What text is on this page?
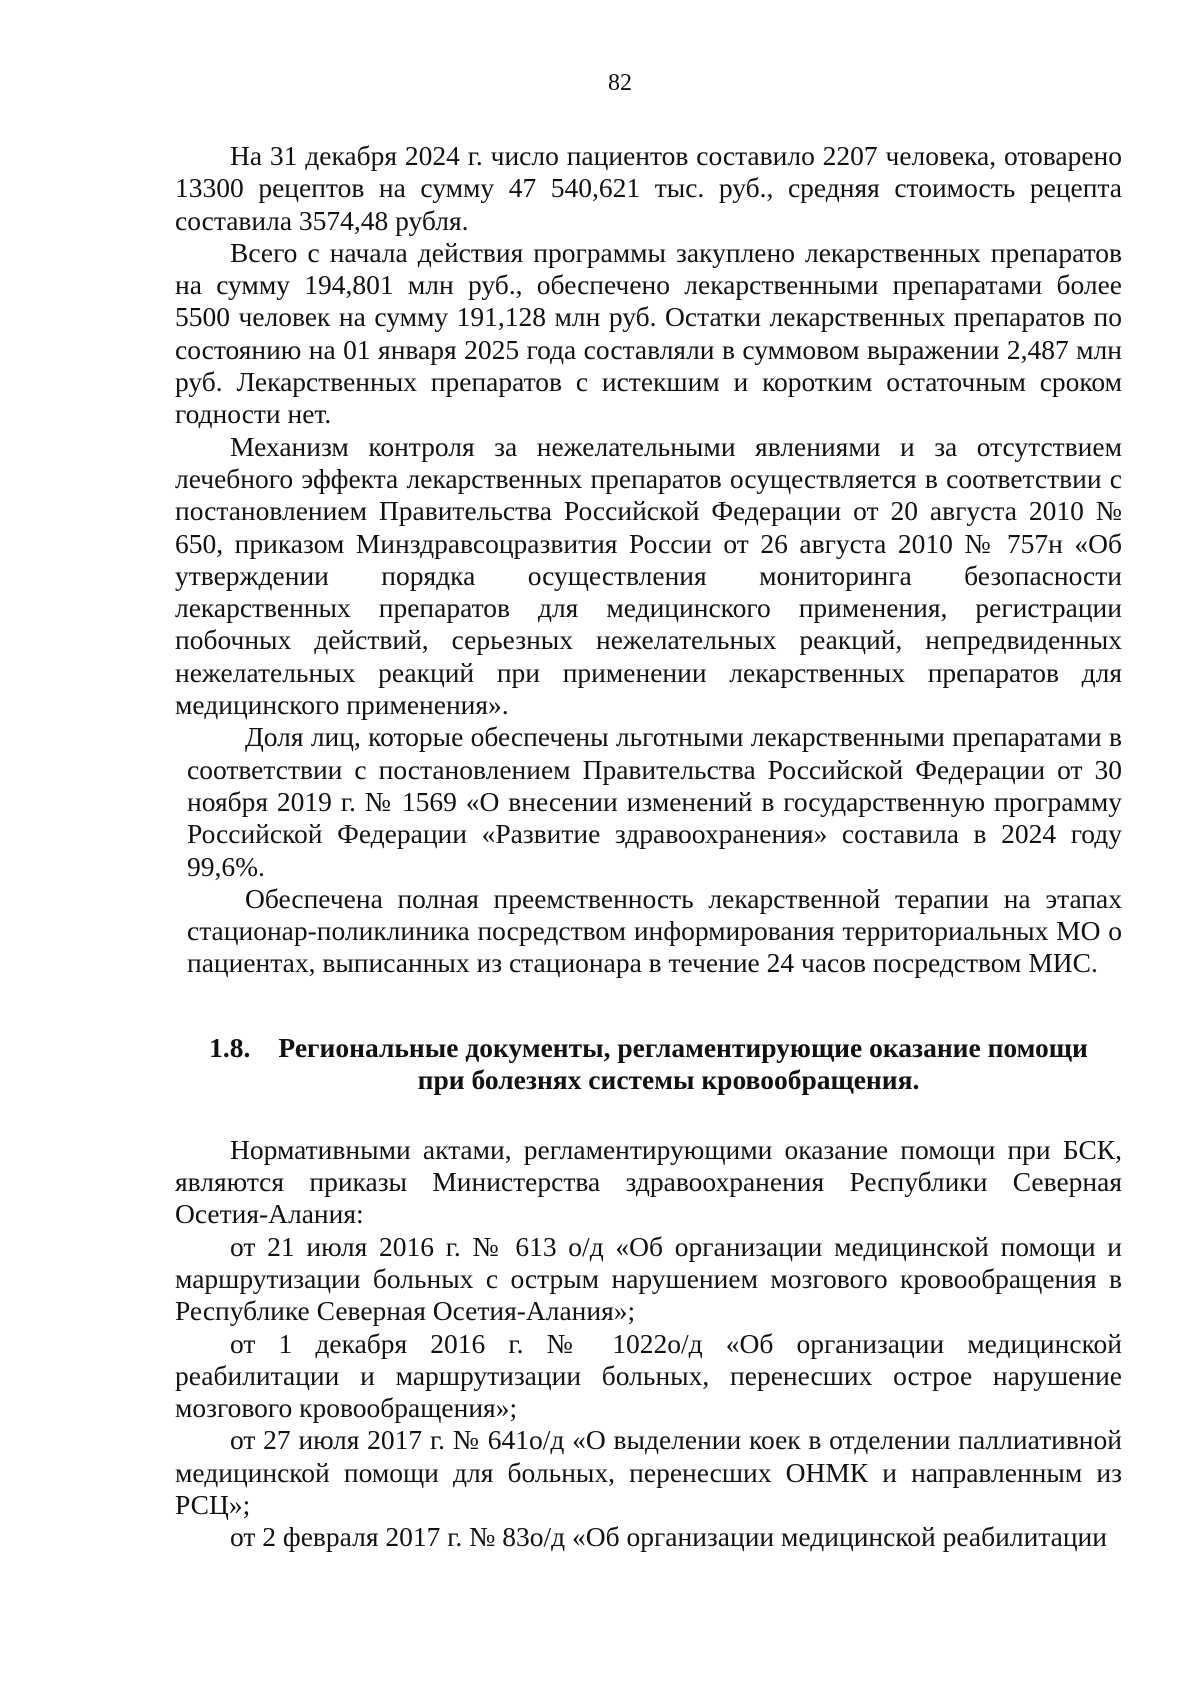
82

На 31 декабря 2024 г. число пациентов составило 2207 человека, отоварено 13300 рецептов на сумму 47 540,621 тыс. руб., средняя стоимость рецепта составила 3574,48 рубля.

Всего с начала действия программы закуплено лекарственных препаратов на сумму 194,801 млн руб., обеспечено лекарственными препаратами более 5500 человек на сумму 191,128 млн руб. Остатки лекарственных препаратов по состоянию на 01 января 2025 года составляли в суммовом выражении 2,487 млн руб. Лекарственных препаратов с истекшим и коротким остаточным сроком годности нет.

Механизм контроля за нежелательными явлениями и за отсутствием лечебного эффекта лекарственных препаратов осуществляется в соответствии с постановлением Правительства Российской Федерации от 20 августа 2010 № 650, приказом Минздравсоцразвития России от 26 августа 2010 № 757н «Об утверждении порядка осуществления мониторинга безопасности лекарственных препаратов для медицинского применения, регистрации побочных действий, серьезных нежелательных реакций, непредвиденных нежелательных реакций при применении лекарственных препаратов для медицинского применения».

Доля лиц, которые обеспечены льготными лекарственными препаратами в соответствии с постановлением Правительства Российской Федерации от 30 ноября 2019 г. № 1569 «О внесении изменений в государственную программу Российской Федерации «Развитие здравоохранения» составила в 2024 году 99,6%.

Обеспечена полная преемственность лекарственной терапии на этапах стационар-поликлиника посредством информирования территориальных МО о пациентах, выписанных из стационара в течение 24 часов посредством МИС.

1.8. Региональные документы, регламентирующие оказание помощи
при болезнях системы кровообращения.

Нормативными актами, регламентирующими оказание помощи при БСК, являются приказы Министерства здравоохранения Республики Северная Осетия-Алания:

от 21 июля 2016 г. № 613 о/д «Об организации медицинской помощи и маршрутизации больных с острым нарушением мозгового кровообращения в Республике Северная Осетия-Алания»;

от 1 декабря 2016 г. № 1022о/д «Об организации медицинской реабилитации и маршрутизации больных, перенесших острое нарушение мозгового кровообращения»;

от 27 июля 2017 г. № 641о/д «О выделении коек в отделении паллиативной медицинской помощи для больных, перенесших ОНМК и направленным из РСЦ»;

от 2 февраля 2017 г. № 83о/д «Об организации медицинской реабилитации
